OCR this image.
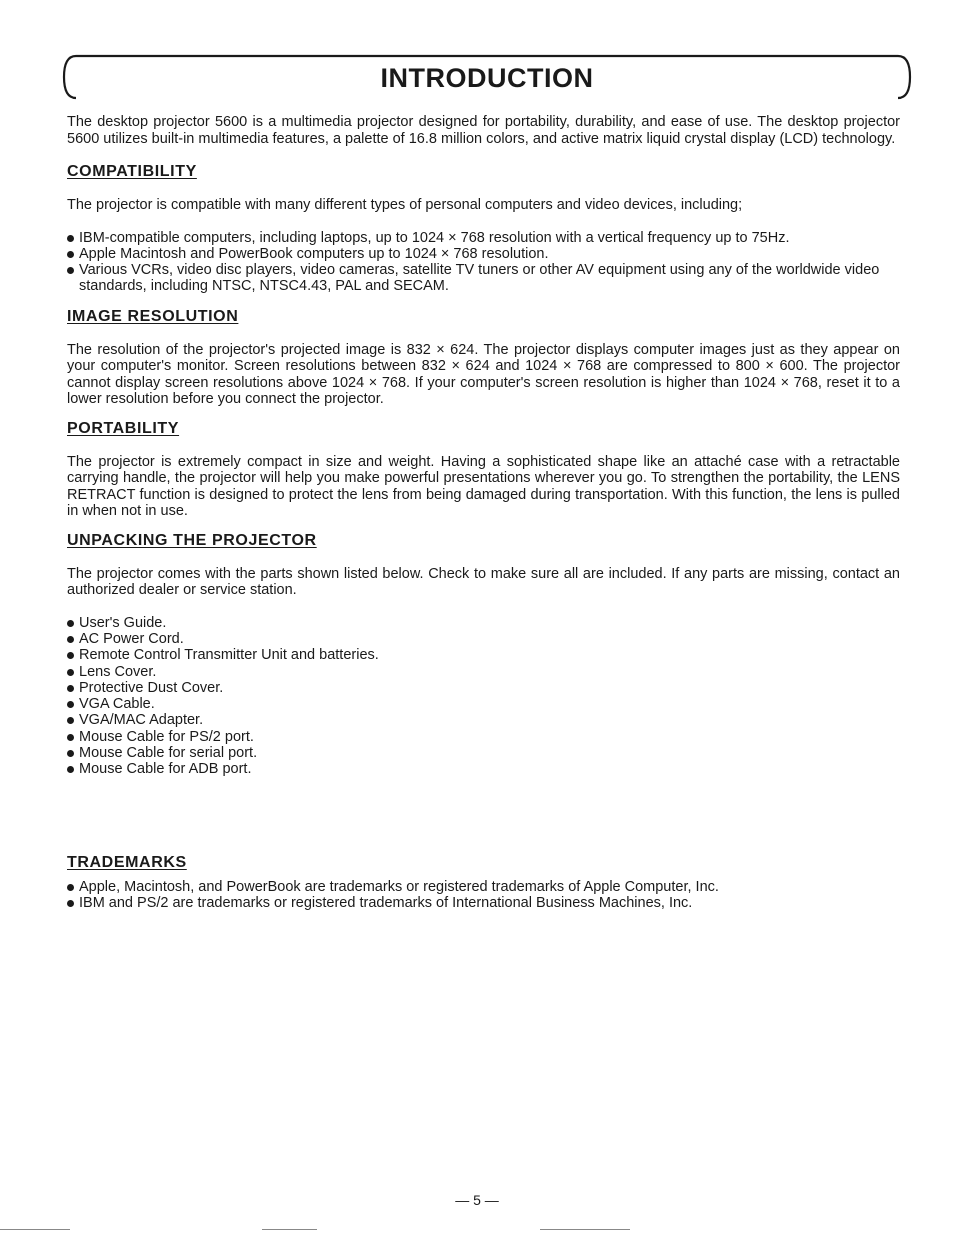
INTRODUCTION

The desktop projector 5600 is a multimedia projector designed for portability, durability, and ease of use. The desktop projector 5600 utilizes built-in multimedia features, a palette of 16.8 million colors, and active matrix liquid crystal display (LCD) technology.

COMPATIBILITY

The projector is compatible with many different types of personal computers and video devices, including;

IBM-compatible computers, including laptops, up to 1024 × 768 resolution with a vertical frequency up to 75Hz.
Apple Macintosh and PowerBook computers up to 1024 × 768 resolution.
Various VCRs, video disc players, video cameras, satellite TV tuners or other AV equipment using any of the worldwide video standards, including NTSC, NTSC4.43, PAL and SECAM.
IMAGE RESOLUTION

The resolution of the projector's projected image is 832 × 624. The projector displays computer images just as they appear on your computer's monitor. Screen resolutions between 832 × 624 and 1024 × 768 are compressed to 800 × 600. The projector cannot display screen resolutions above 1024 × 768. If your computer's screen resolution is higher than 1024 × 768, reset it to a lower resolution before you connect the projector.

PORTABILITY

The projector is extremely compact in size and weight. Having a sophisticated shape like an attaché case with a retractable carrying handle, the projector will help you make powerful presentations wherever you go. To strengthen the portability, the LENS RETRACT function is designed to protect the lens from being damaged during transportation. With this function, the lens is pulled in when not in use.

UNPACKING THE PROJECTOR

The projector comes with the parts shown listed below. Check to make sure all are included. If any parts are missing, contact an authorized dealer or service station.

User's Guide.
AC Power Cord.
Remote Control Transmitter Unit and batteries.
Lens Cover.
Protective Dust Cover.
VGA Cable.
VGA/MAC Adapter.
Mouse Cable for PS/2 port.
Mouse Cable for serial port.
Mouse Cable for ADB port.
TRADEMARKS
Apple, Macintosh, and PowerBook are trademarks or registered trademarks of Apple Computer, Inc.
IBM and PS/2 are trademarks or registered trademarks of International Business Machines, Inc.
— 5 —
